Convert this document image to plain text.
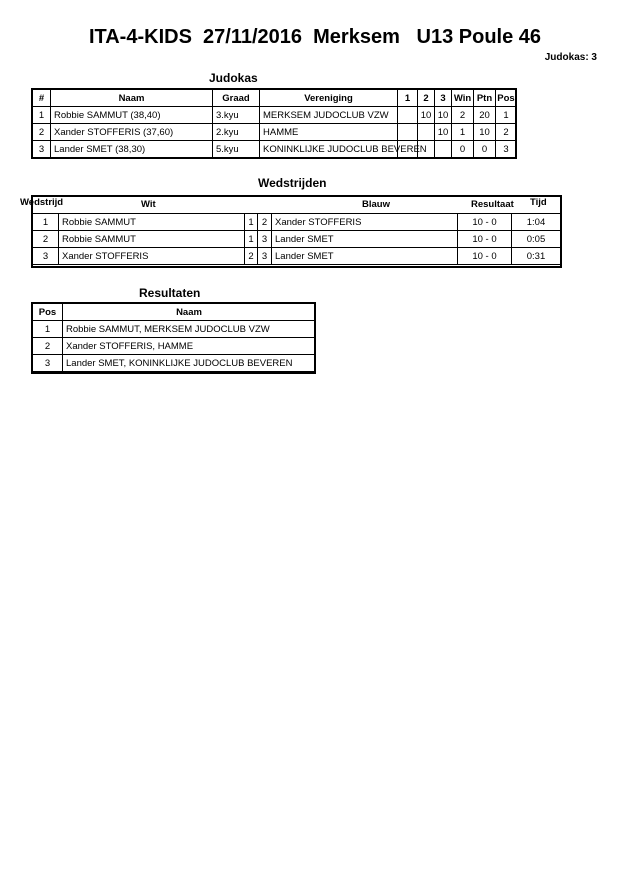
ITA-4-KIDS  27/11/2016  Merksem   U13 Poule 46
Judokas: 3
Judokas
#	Naam	Graad	Vereniging	1	2	3	Win	Ptn	Pos
1	Robbie SAMMUT (38,40)	3.kyu	MERKSEM JUDOCLUB VZW		10	10	2	20	1
2	Xander STOFFERIS (37,60)	2.kyu	HAMME			10	1	10	2
3	Lander SMET (38,30)	5.kyu	KONINKLIJKE JUDOCLUB BEVEREN				0	0	3
Wedstrijden
Wedstrijd	Wit	Blauw	Resultaat Tijd
1	Robbie SAMMUT	1	2	Xander STOFFERIS	10 - 0	1:04
2	Robbie SAMMUT	1	3	Lander SMET	10 - 0	0:05
3	Xander STOFFERIS	2	3	Lander SMET	10 - 0	0:31
Resultaten
Pos	Naam
1	Robbie SAMMUT, MERKSEM JUDOCLUB VZW
2	Xander STOFFERIS, HAMME
3	Lander SMET, KONINKLIJKE JUDOCLUB BEVEREN
